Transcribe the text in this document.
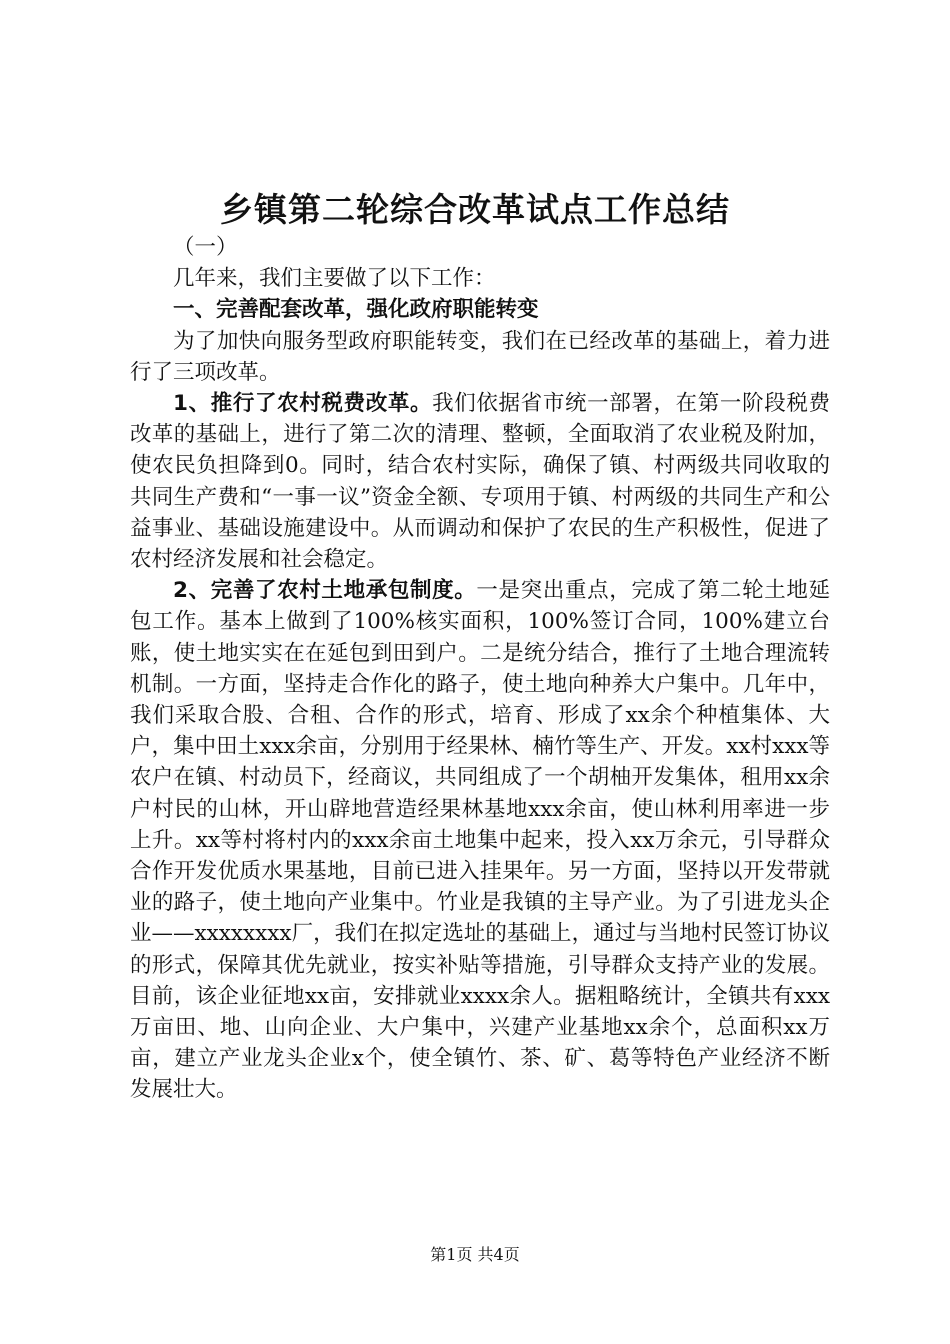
乡镇第二轮综合改革试点工作总结

（一）

几年来，我们主要做了以下工作：

一、完善配套改革，强化政府职能转变

为了加快向服务型政府职能转变，我们在已经改革的基础上，着力进行了三项改革。

1、推行了农村税费改革。我们依据省市统一部署，在第一阶段税费改革的基础上，进行了第二次的清理、整顿，全面取消了农业税及附加，使农民负担降到0。同时，结合农村实际，确保了镇、村两级共同收取的共同生产费和“一事一议”资金全额、专项用于镇、村两级的共同生产和公益事业、基础设施建设中。从而调动和保护了农民的生产积极性，促进了农村经济发展和社会稳定。

2、完善了农村土地承包制度。一是突出重点，完成了第二轮土地延包工作。基本上做到了100%核实面积，100%签订合同，100%建立台账，使土地实实在在延包到田到户。二是统分结合，推行了土地合理流转机制。一方面，坚持走合作化的路子，使土地向种养大户集中。几年中，我们采取合股、合租、合作的形式，培育、形成了xx余个种植集体、大户，集中田土xxx余亩，分别用于经果林、楠竹等生产、开发。xx村xxx等农户在镇、村动员下，经商议，共同组成了一个胡柚开发集体，租用xx余户村民的山林，开山辟地营造经果林基地xxx余亩，使山林利用率进一步上升。xx等村将村内的xxx余亩土地集中起来，投入xx万余元，引导群众合作开发优质水果基地，目前已进入挂果年。另一方面，坚持以开发带就业的路子，使土地向产业集中。竹业是我镇的主导产业。为了引进龙头企业——xxxxxxxx厂，我们在拟定选址的基础上，通过与当地村民签订协议的形式，保障其优先就业，按实补贴等措施，引导群众支持产业的发展。目前，该企业征地xx亩，安排就业xxxx余人。据粗略统计，全镇共有xxx万亩田、地、山向企业、大户集中，兴建产业基地xx余个，总面积xx万亩，建立产业龙头企业x个，使全镇竹、茶、矿、葛等特色产业经济不断发展壮大。

第1页 共4页
